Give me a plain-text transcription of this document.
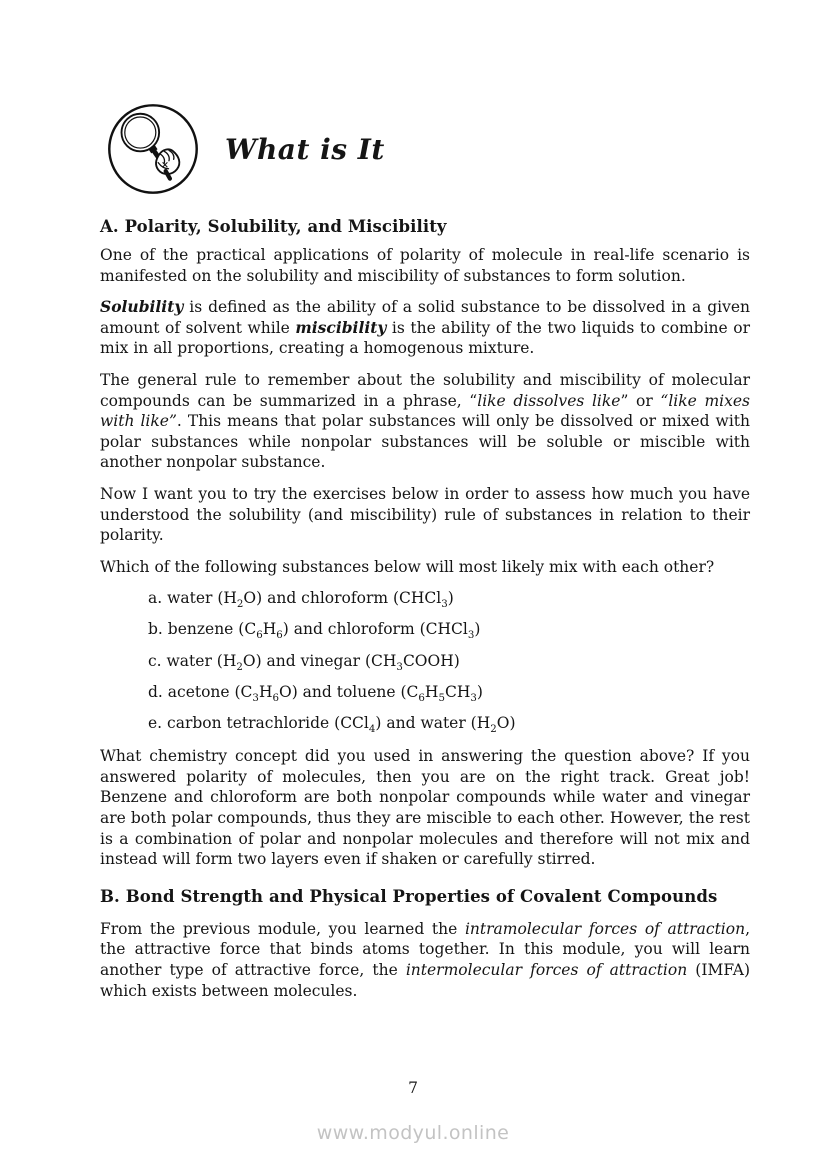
What is It
A. Polarity, Solubility, and Miscibility

One of the practical applications of polarity of molecule in real-life scenario is manifested on the solubility and miscibility of substances to form solution.

Solubility is defined as the ability of a solid substance to be dissolved in a given amount of solvent while miscibility is the ability of the two liquids to combine or mix in all proportions, creating a homogenous mixture.

The general rule to remember about the solubility and miscibility of molecular compounds can be summarized in a phrase, “like dissolves like” or “like mixes with like”. This means that polar substances will only be dissolved or mixed with polar substances while nonpolar substances will be soluble or miscible with another nonpolar substance.

Now I want you to try the exercises below in order to assess how much you have understood the solubility (and miscibility) rule of substances in relation to their polarity.

Which of the following substances below will most likely mix with each other?

a. water $(H_2O)$ and chloroform (CHCl$_3$)
b. benzene $(C_6H_6)$ and chloroform (CHCl$_3$)
c. water $(H_2O)$ and vinegar $(CH_3COOH)$
d. acetone $(C_3H_6O)$ and toluene $(C_6H_5CH_3)$
e. carbon tetrachloride (CCl$_4$) and water $(H_2O)$

What chemistry concept did you used in answering the question above? If you answered polarity of molecules, then you are on the right track. Great job! Benzene and chloroform are both nonpolar compounds while water and vinegar are both polar compounds, thus they are miscible to each other. However, the rest is a combination of polar and nonpolar molecules and therefore will not mix and instead will form two layers even if shaken or carefully stirred.

B. Bond Strength and Physical Properties of Covalent Compounds

From the previous module, you learned the intramolecular forces of attraction, the attractive force that binds atoms together. In this module, you will learn another type of attractive force, the intermolecular forces of attraction (IMFA) which exists between molecules.

7
www.modyul.online
